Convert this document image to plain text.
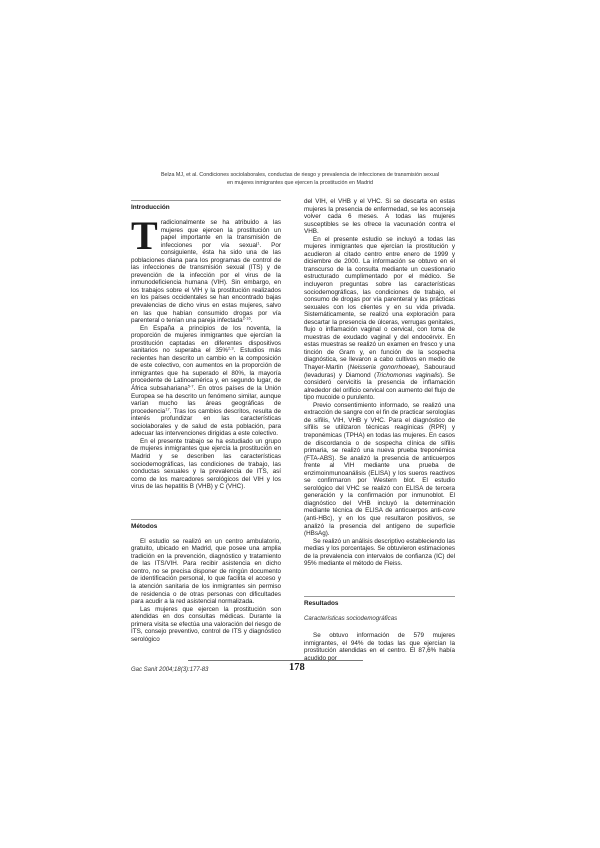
Belza MJ, et al. Condiciones sociolaborales, conductas de riesgo y prevalencia de infecciones de transmisión sexual
en mujeres inmigrantes que ejercen la prostitución en Madrid
Introducción

Tradicionalmente se ha atribuido a las mujeres que ejercen la prostitución un papel importante en la transmisión de infecciones por vía sexual$^1$. Por consiguiente, ésta ha sido una de las poblaciones diana para los programas de control de las infecciones de transmisión sexual (ITS) y de prevención de la infección por el virus de la inmunodeficiencia humana (VIH). Sin embargo, en los trabajos sobre el VIH y la prostitución realizados en los países occidentales se han encontrado bajas prevalencias de dicho virus en estas mujeres, salvo en las que habían consumido drogas por vía parenteral o tenían una pareja infectada$^{2-16}$.

En España a principios de los noventa, la proporción de mujeres inmigrantes que ejercían la prostitución captadas en diferentes dispositivos sanitarios no superaba el 35%$^{2,3}$. Estudios más recientes han descrito un cambio en la composición de este colectivo, con aumentos en la proporción de inmigrantes que ha superado el 80%, la mayoría procedente de Latinoamérica y, en segundo lugar, de África subsahariana$^{5-7}$. En otros países de la Unión Europea se ha descrito un fenómeno similar, aunque varían mucho las áreas geográficas de procedencia$^{17}$. Tras los cambios descritos, resulta de interés profundizar en las características sociolaborales y de salud de esta población, para adecuar las intervenciones dirigidas a este colectivo.

En el presente trabajo se ha estudiado un grupo de mujeres inmigrantes que ejercía la prostitución en Madrid y se describen las características sociodemográficas, las condiciones de trabajo, las conductas sexuales y la prevalencia de ITS, así como de los marcadores serológicos del VIH y los virus de las hepatitis B (VHB) y C (VHC).

Métodos

El estudio se realizó en un centro ambulatorio, gratuito, ubicado en Madrid, que posee una amplia tradición en la prevención, diagnóstico y tratamiento de las ITS/VIH. Para recibir asistencia en dicho centro, no se precisa disponer de ningún documento de identificación personal, lo que facilita el acceso y la atención sanitaria de los inmigrantes sin permiso de residencia o de otras personas con dificultades para acudir a la red asistencial normalizada.

Las mujeres que ejercen la prostitución son atendidas en dos consultas médicas. Durante la primera visita se efectúa una valoración del riesgo de ITS, consejo preventivo, control de ITS y diagnóstico serológico

del VIH, el VHB y el VHC. Si se descarta en estas mujeres la presencia de enfermedad, se les aconseja volver cada 6 meses. A todas las mujeres susceptibles se les ofrece la vacunación contra el VHB.

En el presente estudio se incluyó a todas las mujeres inmigrantes que ejercían la prostitución y acudieron al citado centro entre enero de 1999 y diciembre de 2000. La información se obtuvo en el transcurso de la consulta mediante un cuestionario estructurado cumplimentado por el médico. Se incluyeron preguntas sobre las características sociodemográficas, las condiciones de trabajo, el consumo de drogas por vía parenteral y las prácticas sexuales con los clientes y en su vida privada. Sistemáticamente, se realizó una exploración para descartar la presencia de úlceras, verrugas genitales, flujo o inflamación vaginal o cervical, con toma de muestras de exudado vaginal y del endocérvix. En estas muestras se realizó un examen en fresco y una tinción de Gram y, en función de la sospecha diagnóstica, se llevaron a cabo cultivos en medio de Thayer-Martin (Neisseria gonorrhoeae), Sabouraud (levaduras) y Diamond (Trichomonas vaginalis). Se consideró cervicitis la presencia de inflamación alrededor del orificio cervical con aumento del flujo de tipo mucoide o purulento.

Previo consentimiento informado, se realizó una extracción de sangre con el fin de practicar serologías de sífilis, VIH, VHB y VHC. Para el diagnóstico de sífilis se utilizaron técnicas reagínicas (RPR) y treponémicas (TPHA) en todas las mujeres. En casos de discordancia o de sospecha clínica de sífilis primaria, se realizó una nueva prueba treponémica (FTA-ABS). Se analizó la presencia de anticuerpos frente al VIH mediante una prueba de enzimoinmunoanálisis (ELISA) y los sueros reactivos se confirmaron por Western blot. El estudio serológico del VHC se realizó con ELISA de tercera generación y la confirmación por inmunoblot. El diagnóstico del VHB incluyó la determinación mediante técnica de ELISA de anticuerpos anti-core (anti-HBc), y en los que resultaron positivos, se analizó la presencia del antígeno de superficie (HBsAg).

Se realizó un análisis descriptivo estableciendo las medias y los porcentajes. Se obtuvieron estimaciones de la prevalencia con intervalos de confianza (IC) del 95% mediante el método de Fleiss.

Resultados
Características sociodemográficas

Se obtuvo información de 579 mujeres inmigrantes, el 94% de todas las que ejercían la prostitución atendidas en el centro. El 87,6% había acudido por

Gac Sanit 2004;18(3):177-83	178
